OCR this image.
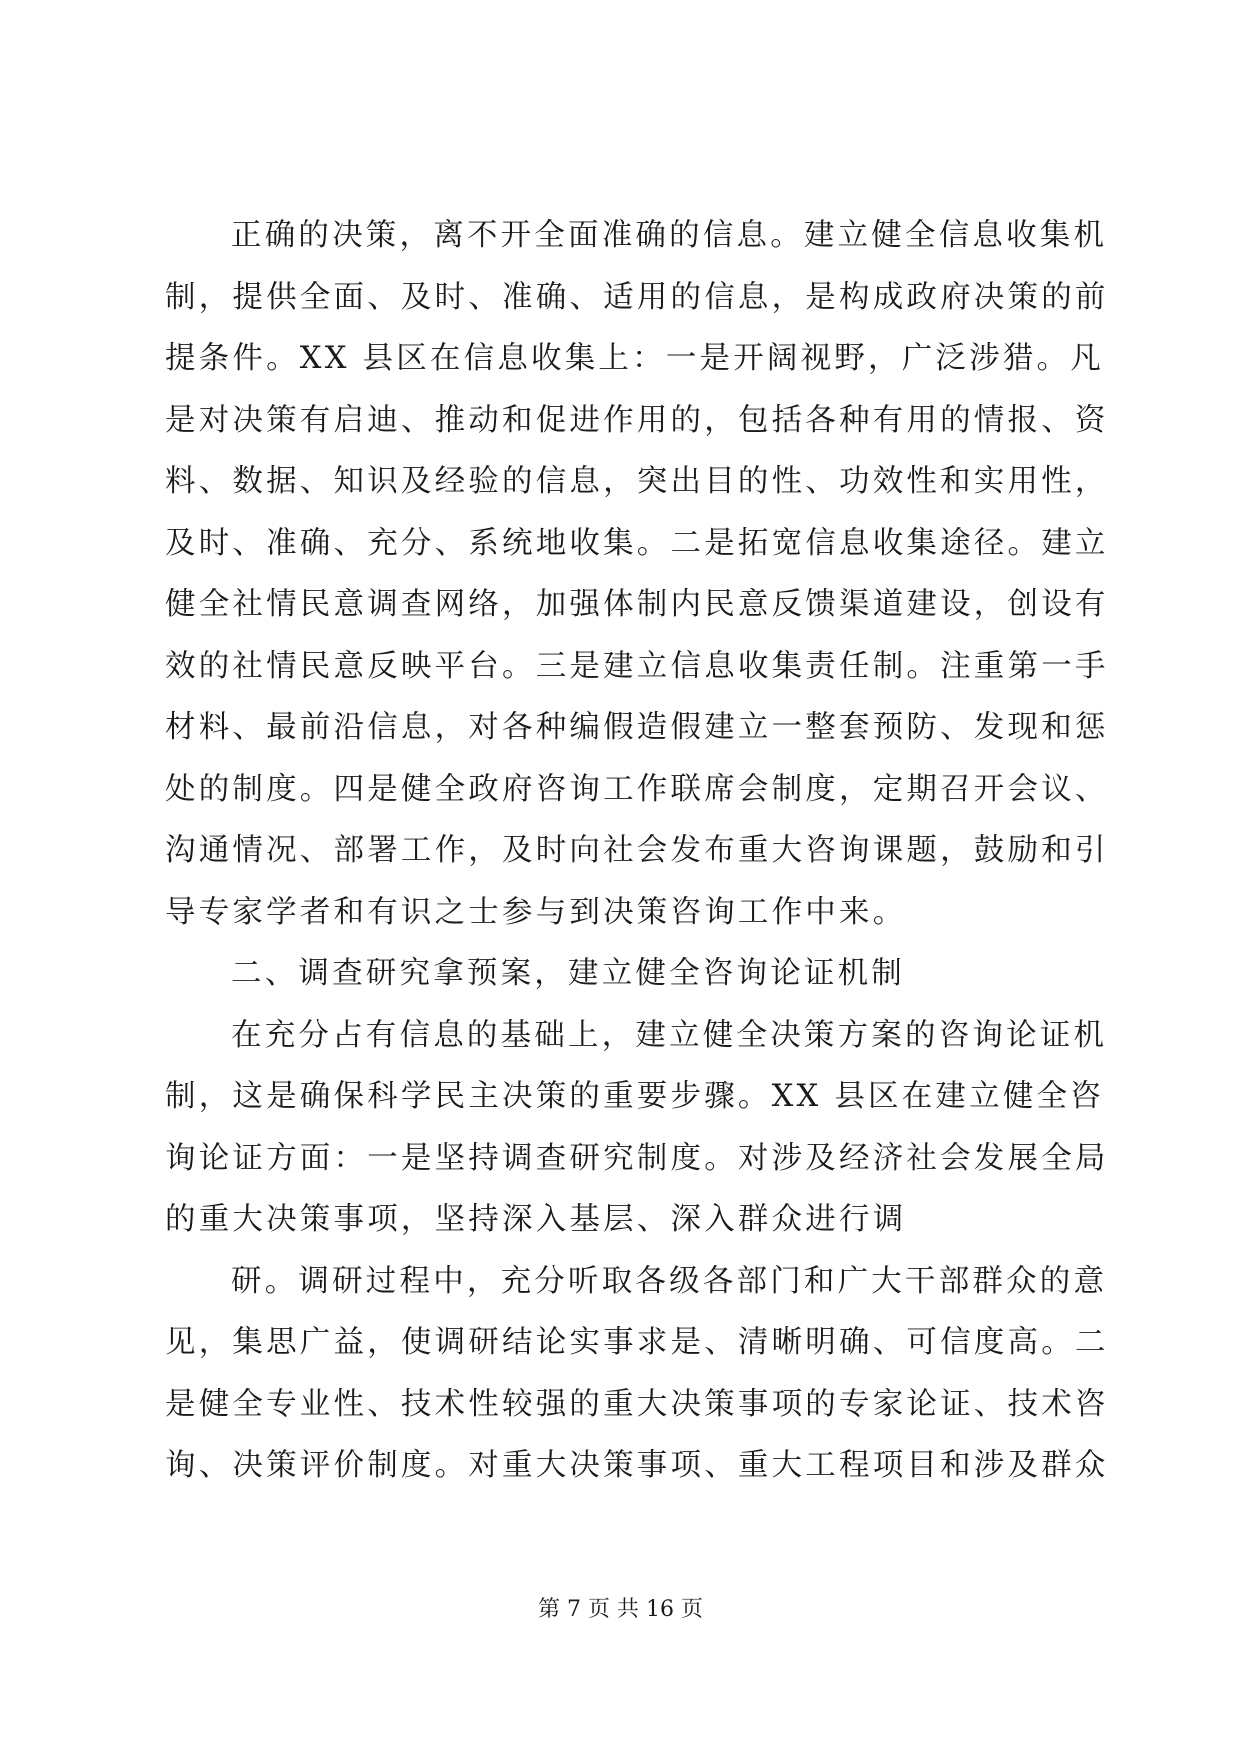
正确的决策，离不开全面准确的信息。建立健全信息收集机
制，提供全面、及时、准确、适用的信息，是构成政府决策的前
提条件。XX 县区在信息收集上：一是开阔视野，广泛涉猎。凡
是对决策有启迪、推动和促进作用的，包括各种有用的情报、资
料、数据、知识及经验的信息，突出目的性、功效性和实用性，
及时、准确、充分、系统地收集。二是拓宽信息收集途径。建立
健全社情民意调查网络，加强体制内民意反馈渠道建设，创设有
效的社情民意反映平台。三是建立信息收集责任制。注重第一手
材料、最前沿信息，对各种编假造假建立一整套预防、发现和惩
处的制度。四是健全政府咨询工作联席会制度，定期召开会议、
沟通情况、部署工作，及时向社会发布重大咨询课题，鼓励和引
导专家学者和有识之士参与到决策咨询工作中来。
二、调查研究拿预案，建立健全咨询论证机制
在充分占有信息的基础上，建立健全决策方案的咨询论证机
制，这是确保科学民主决策的重要步骤。XX 县区在建立健全咨
询论证方面：一是坚持调查研究制度。对涉及经济社会发展全局
的重大决策事项，坚持深入基层、深入群众进行调
研。调研过程中，充分听取各级各部门和广大干部群众的意
见，集思广益，使调研结论实事求是、清晰明确、可信度高。二
是健全专业性、技术性较强的重大决策事项的专家论证、技术咨
询、决策评价制度。对重大决策事项、重大工程项目和涉及群众
第 7 页 共 16 页
